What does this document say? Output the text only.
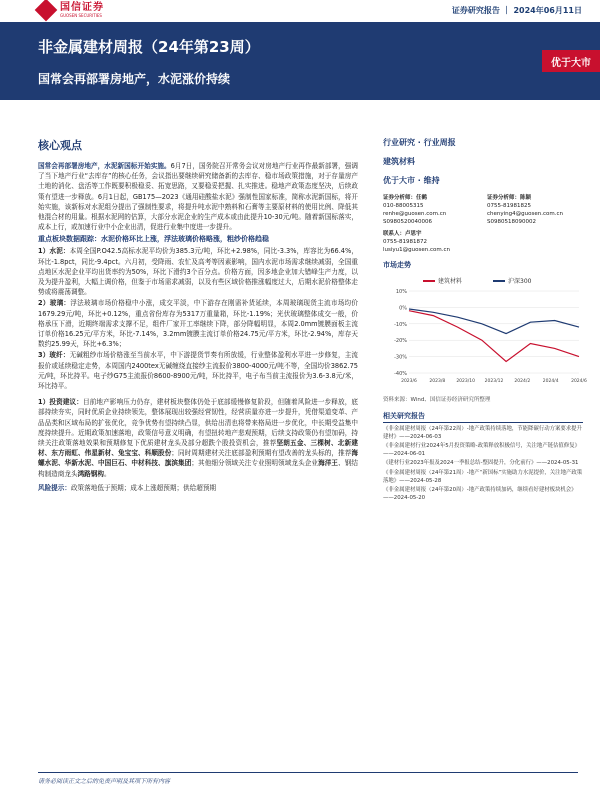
国信证券
GUOSEN SECURITIES	证券研究报告 ｜ 2024年06月11日
非金属建材周报（24年第23周）
国常会再部署房地产，水泥涨价持续
优于大市
核心观点
国常会再部署房地产，水泥新国标开始实施。6月7日，国务院召开常务会议对房地产行业再作最新部署，强调了当下地产行业“去库存”的核心任务，会议指出要继续研究储备新的去库存、稳市场政策措施，对于存量房产土地的消化、盘活等工作既要积极稳妥、拓宽思路，又要稳妥把握、扎实推进。稳地产政策态度坚决，后续政策有望进一步释放。6月1日起，GB175—2023《通用硅酸盐水泥》强制性国家标准，简称水泥新国标，将开始实施，该新标对水泥组分提出了强制性要求，将提升吨水泥中熟料和石膏等主要原材料的使用比例、降低其他混合材的用量。根据水泥网的估算，大部分水泥企业的生产成本或由此提升10-30元/吨。随着新国标落实，成本上行，或加速行业中小企业出清，促进行业集中度进一步提升。
重点板块数据跟踪：水泥价格环比上涨，浮法玻璃价格略涨，粗纱价格趋稳
1）水泥：本周全国P.O42.5高标水泥平均价为385.3元/吨，环比+2.98%，同比-3.3%，库容比为66.4%，环比-1.8pct，同比-9.4pct。六月初，受降雨、农忙及高考等因素影响，国内水泥市场需求继续减弱，全国重点地区水泥企业平均出货率约为50%，环比下滑约3个百分点。价格方面，因多地企业加大错峰生产力度，以及为提升盈利，大幅上调价格，但鉴于市场需求减弱，以及有些区域价格推涨幅度过大，后期水泥价格整体走势或将震荡调整。
2）玻璃：浮法玻璃市场价格稳中小涨，成交平淡，中下游存在刚需补货延续，本周玻璃现货主流市场均价1679.29元/吨，环比+0.12%，重点省份库存为5317万重量箱，环比-1.19%；光伏玻璃整体成交一般，价格承压下滑，近期终端需求支撑不足，组件厂家开工率继续下降，部分降幅明显，本周2.0mm镀膜面板主流订单价格16.25元/平方米，环比-7.14%，3.2mm镀膜主流订单价格24.75元/平方米，环比-2.94%，库存天数约25.99天，环比+6.3%；
3）玻纤：无碱粗纱市场价格涨至当前水平，中下游提货节奏有所放缓，行业整体盈利水平进一步修复，主流报价或延续稳定走势，本周国内2400tex无碱缠绕直接纱主流报价3800-4000元/吨不等，全国均价3862.75元/吨，环比持平。电子纱G75主流报价8600-8900元/吨，环比持平，电子布当前主流报价为3.6-3.8元/米，环比持平。
1）投资建议：目前地产影响压力仍存，建材板块整体仍处于底部缓慢修复阶段，但随着风险进一步释放，底部持续夯实，同时优质企业持续领先，整体展现出较强经营韧性，经营质量亦进一步提升，凭借渠道变革、产品品类和区域布局的扩张优化，竞争优势有望持续凸显，供给出清也将带来格局进一步优化，中长期受益集中度持续提升。近期政策加速落地，政策信号意义明确，有望扭转地产悲观预期，后续支持政策仍有望加码，持续关注政策落地效果和预期修复下优质建材龙头及部分超跌个股投资机会，推荐坚朗五金、三棵树、北新建材、东方雨虹、伟星新材、兔宝宝、科顺股份；同时周期建材关注底部盈利预期有望改善的龙头标的，推荐海螺水泥、华新水泥、中国巨石、中材科技、旗滨集团；其他细分领域关注专业照明领域龙头企业海洋王、钢结构制造商龙头鸿路钢构。
风险提示：政策落地低于预期；成本上涨超预期；供给超预期
行业研究 · 行业周报
建筑材料
优于大市 · 维持
证券分析师：任鹤
010-88005315
renhe@guosen.com.cn
S0980520040006
证券分析师：陈颖
0755-81981825
chenying4@guosen.com.cn
S0980518090002
联系人：卢思宇
0755-81981872
lusiyu1@guosen.com.cn
市场走势
建筑材料	沪深300
10%
0%
-10%
-20%
-30%
-40%
2023/6	2023/8 2023/10 2023/12 2024/2	2024/4	2024/6
资料来源：Wind、国信证券经济研究所整理
相关研究报告
《非金属建材周报（24年第22周）-地产政策持续落地，节能降碳行动方案要求提升建材》——2024-06-03
《非金属建材行业2024年5月投资策略-政策释放积极信号，关注地产链估值修复》——2024-06-01
《建材行业2023年报及2024一季报总结-整固提升，分化前行》——2024-05-31
《非金属建材周报（24年第21周）-地产“新国标”实施助力水泥提价，关注地产政策落地》——2024-05-28
《非金属建材周报（24年第20周）-地产政策持续加码，继续看好建材板块机会》——2024-05-20
请务必阅读正文之后的免责声明及其项下所有内容
